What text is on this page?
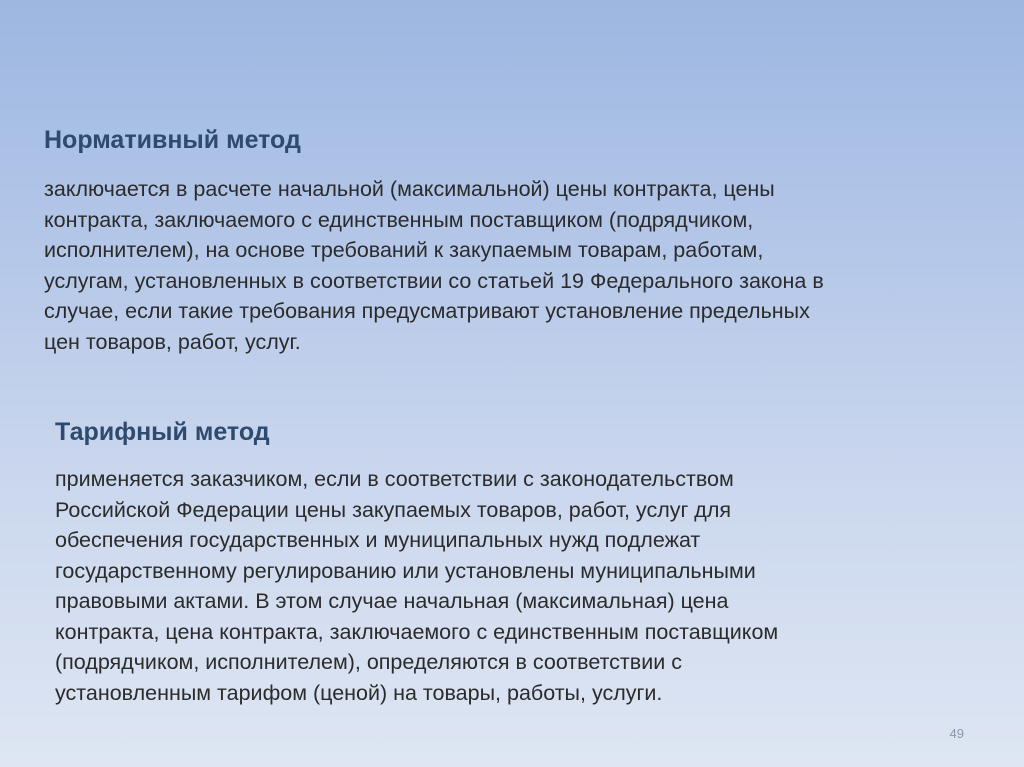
Нормативный метод
заключается в расчете начальной (максимальной) цены контракта, цены
контракта, заключаемого с единственным поставщиком (подрядчиком,
исполнителем), на основе требований к закупаемым товарам, работам,
услугам, установленных в соответствии со статьей 19 Федерального закона в
случае, если такие требования предусматривают установление предельных
цен товаров, работ, услуг.
Тарифный метод
применяется заказчиком, если в соответствии с законодательством
Российской Федерации цены закупаемых товаров, работ, услуг для
обеспечения государственных и муниципальных нужд подлежат
государственному регулированию или установлены муниципальными
правовыми актами. В этом случае начальная (максимальная) цена
контракта, цена контракта, заключаемого с единственным поставщиком
(подрядчиком, исполнителем), определяются в соответствии с
установленным тарифом (ценой) на товары, работы, услуги.
49
